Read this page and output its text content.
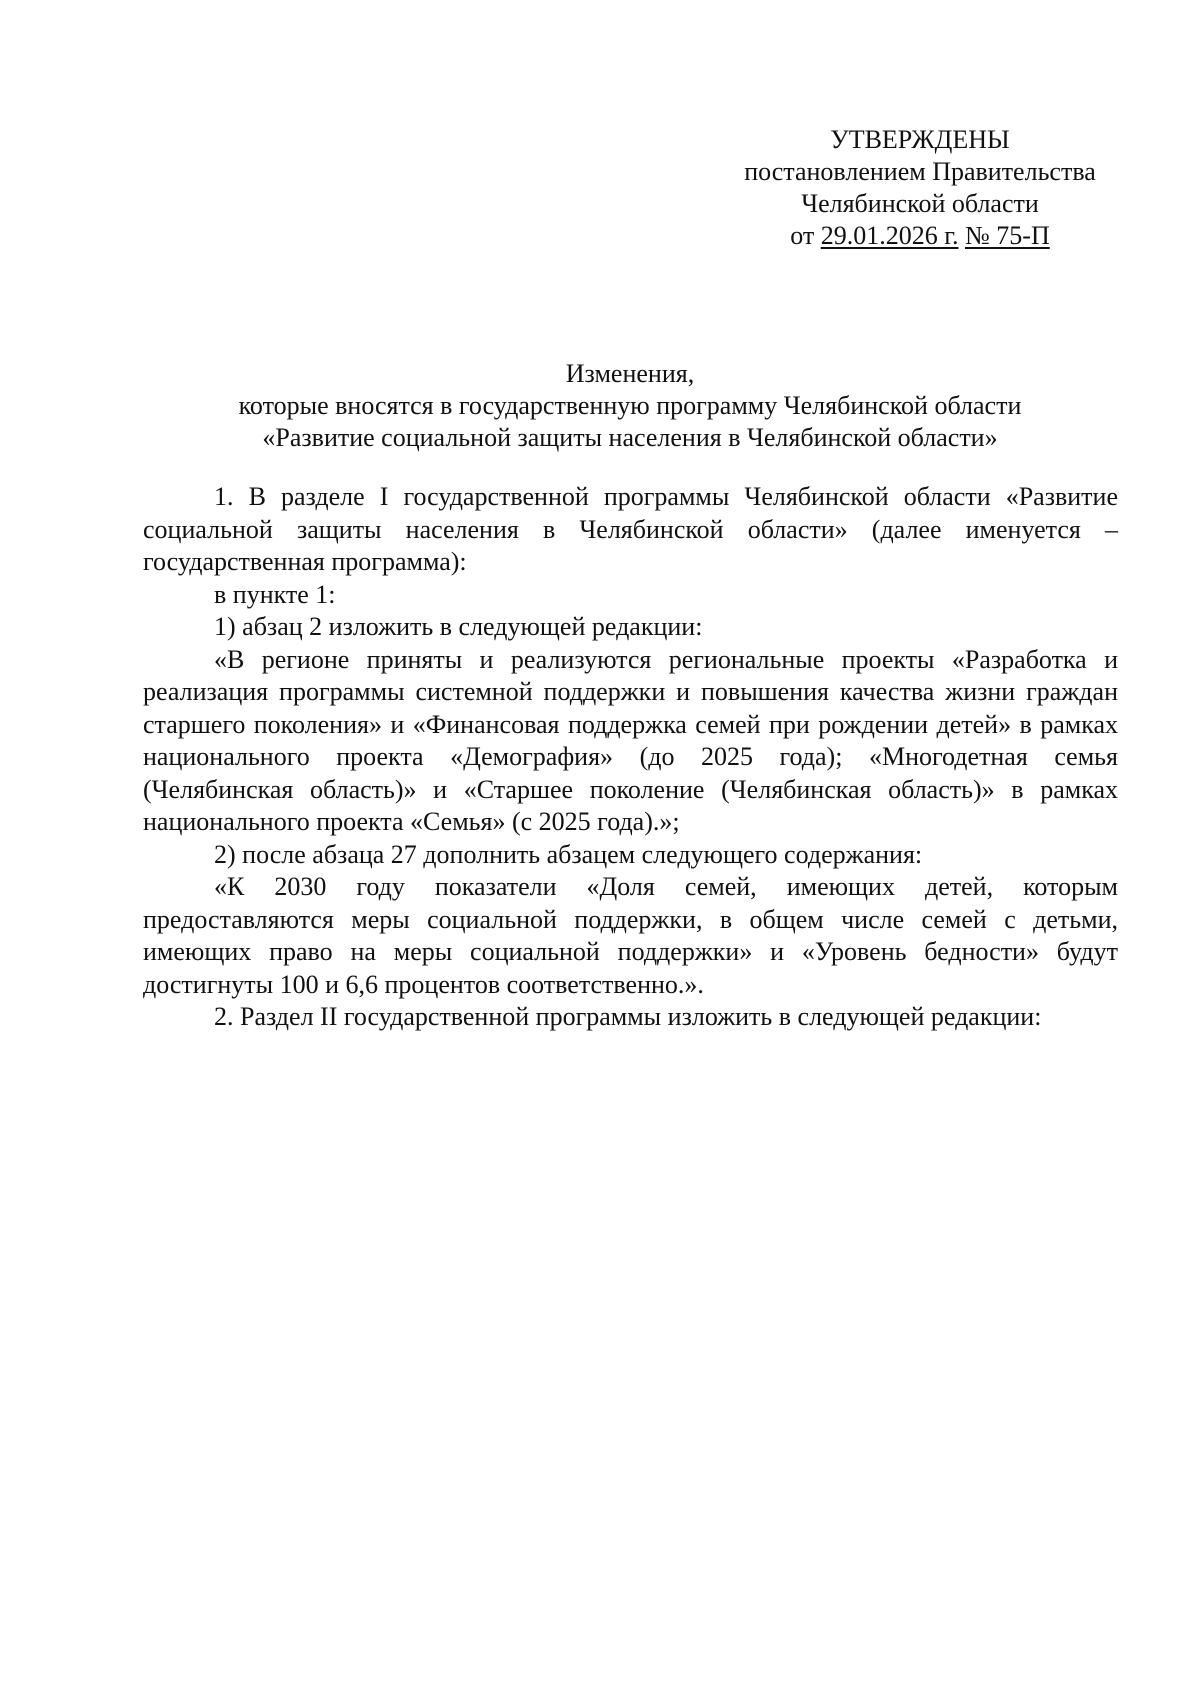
УТВЕРЖДЕНЫ
постановлением Правительства
Челябинской области
от 29.01.2026 г. № 75-П
Изменения,
которые вносятся в государственную программу Челябинской области
«Развитие социальной защиты населения в Челябинской области»

1. В разделе I государственной программы Челябинской области «Развитие социальной защиты населения в Челябинской области» (далее именуется – государственная программа):

в пункте 1:

1) абзац 2 изложить в следующей редакции:

«В регионе приняты и реализуются региональные проекты «Разработка и реализация программы системной поддержки и повышения качества жизни граждан старшего поколения» и «Финансовая поддержка семей при рождении детей» в рамках национального проекта «Демография» (до 2025 года); «Многодетная семья (Челябинская область)» и «Старшее поколение (Челябинская область)» в рамках национального проекта «Семья» (с 2025 года).»;

2) после абзаца 27 дополнить абзацем следующего содержания:

«К 2030 году показатели «Доля семей, имеющих детей, которым предоставляются меры социальной поддержки, в общем числе семей с детьми, имеющих право на меры социальной поддержки» и «Уровень бедности» будут достигнуты 100 и 6,6 процентов соответственно.».

2. Раздел II государственной программы изложить в следующей редакции:
